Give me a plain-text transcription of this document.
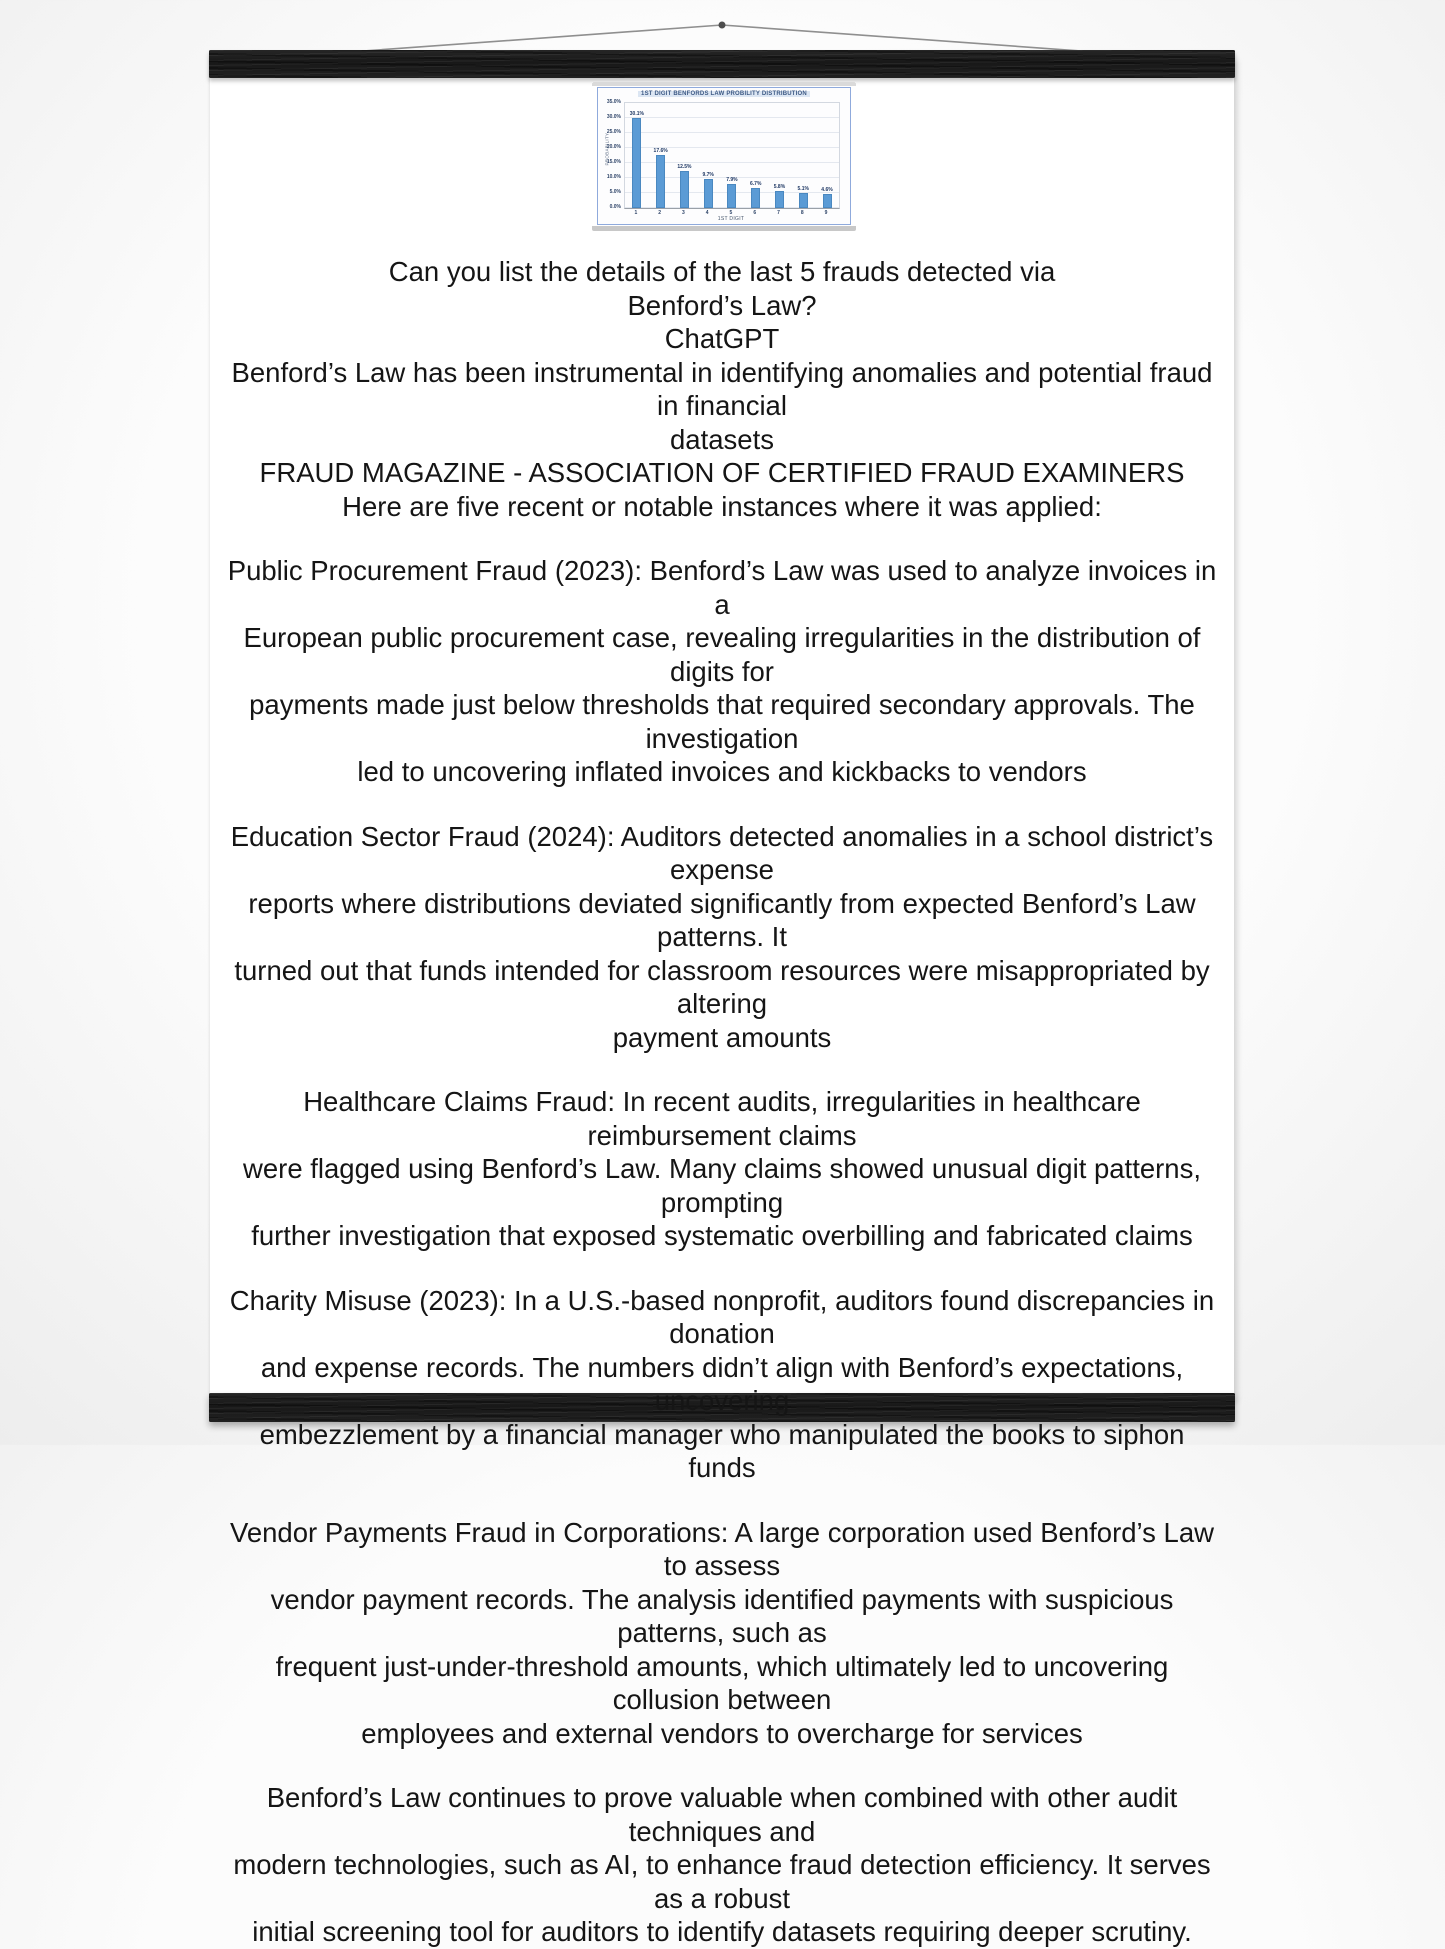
1ST DIGIT BENFORDS LAW PROBILITY DISTRIBUTION
PROBABILITY
35.0%
30.0%
25.0%
20.0%
15.0%
10.0%
5.0%
0.0%
30.1%
17.6%
12.5%
9.7%
7.9%
6.7% 5.8% 5.1% 4.6%
1	2	3	4	5	6	7	8	9
1ST DIGIT
Can you list the details of the last 5 frauds detected via
Benford’s Law?
ChatGPT
Benford’s Law has been instrumental in identifying anomalies and potential fraud in financial
datasets
FRAUD MAGAZINE - ASSOCIATION OF CERTIFIED FRAUD EXAMINERS
Here are five recent or notable instances where it was applied:
Public Procurement Fraud (2023): Benford’s Law was used to analyze invoices in a
European public procurement case, revealing irregularities in the distribution of digits for
payments made just below thresholds that required secondary approvals. The investigation
led to uncovering inflated invoices and kickbacks to vendors
Education Sector Fraud (2024): Auditors detected anomalies in a school district’s expense
reports where distributions deviated significantly from expected Benford’s Law patterns. It
turned out that funds intended for classroom resources were misappropriated by altering
payment amounts
Healthcare Claims Fraud: In recent audits, irregularities in healthcare reimbursement claims
were flagged using Benford’s Law. Many claims showed unusual digit patterns, prompting
further investigation that exposed systematic overbilling and fabricated claims
Charity Misuse (2023): In a U.S.-based nonprofit, auditors found discrepancies in donation
and expense records. The numbers didn’t align with Benford’s expectations, uncovering
embezzlement by a financial manager who manipulated the books to siphon funds
Vendor Payments Fraud in Corporations: A large corporation used Benford’s Law to assess
vendor payment records. The analysis identified payments with suspicious patterns, such as
frequent just-under-threshold amounts, which ultimately led to uncovering collusion between
employees and external vendors to overcharge for services
Benford’s Law continues to prove valuable when combined with other audit techniques and
modern technologies, such as AI, to enhance fraud detection efficiency. It serves as a robust
initial screening tool for auditors to identify datasets requiring deeper scrutiny.
